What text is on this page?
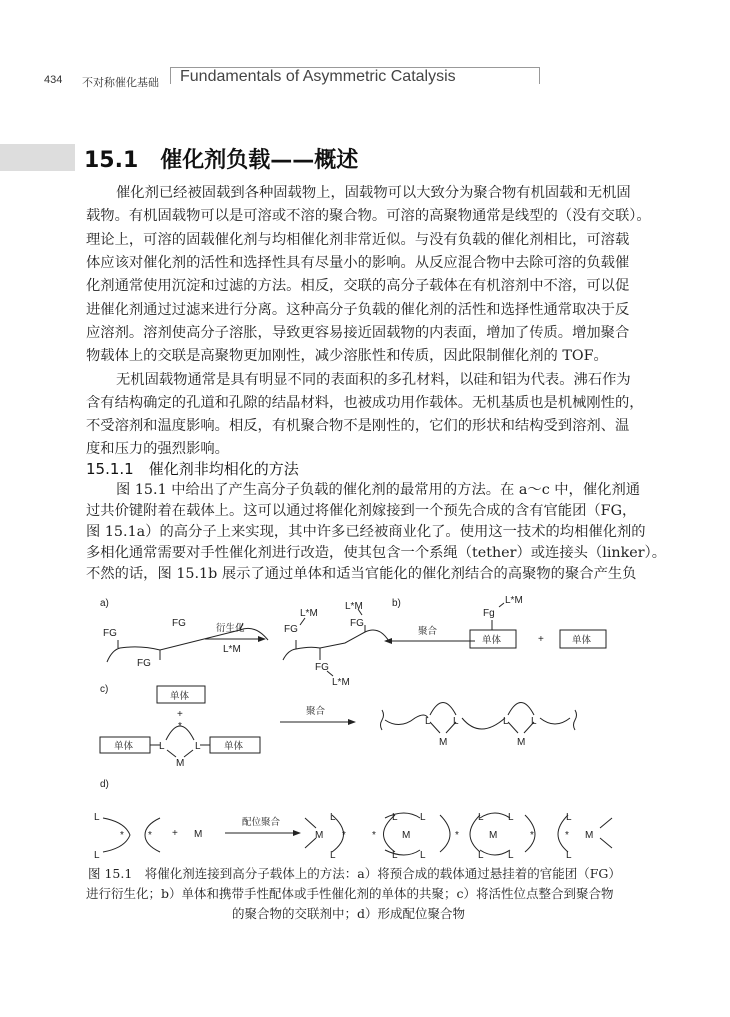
434 不对称催化基础 Fundamentals of Asymmetric Catalysis
15.1　催化剂负载——概述
催化剂已经被固载到各种固载物上，固载物可以大致分为聚合物有机固载和无机固
载物。有机固载物可以是可溶或不溶的聚合物。可溶的高聚物通常是线型的（没有交联）。
理论上，可溶的固载催化剂与均相催化剂非常近似。与没有负载的催化剂相比，可溶载
体应该对催化剂的活性和选择性具有尽量小的影响。从反应混合物中去除可溶的负载催
化剂通常使用沉淀和过滤的方法。相反，交联的高分子载体在有机溶剂中不溶，可以促
进催化剂通过过滤来进行分离。这种高分子负载的催化剂的活性和选择性通常取决于反
应溶剂。溶剂使高分子溶胀，导致更容易接近固载物的内表面，增加了传质。增加聚合
物载体上的交联是高聚物更加刚性，减少溶胀性和传质，因此限制催化剂的 TOF。
无机固载物通常是具有明显不同的表面积的多孔材料，以硅和铝为代表。沸石作为
含有结构确定的孔道和孔隙的结晶材料，也被成功用作载体。无机基质也是机械刚性的，
不受溶剂和温度影响。相反，有机聚合物不是刚性的，它们的形状和结构受到溶剂、温
度和压力的强烈影响。
15.1.1　催化剂非均相化的方法
图 15.1 中给出了产生高分子负载的催化剂的最常用的方法。在 a～c 中，催化剂通
过共价键附着在载体上。这可以通过将催化剂嫁接到一个预先合成的含有官能团（FG，
图 15.1a）的高分子上来实现，其中许多已经被商业化了。使用这一技术的均相催化剂的
多相化通常需要对手性催化剂进行改造，使其包含一个系绳（tether）或连接头（linker）。
不然的话，图 15.1b 展示了通过单体和适当官能化的催化剂结合的高聚物的聚合产生负
a)
FG
FG
FG
衍生化
L*M
FG
L*M
FG
L*M
FG
L*M
b)
聚合
Fg
L*M
单体	+	单体
c)
单体
+
单体	单体
L	L
*
M
聚合
L L
M
L L
M
d)
L
L
* * + M
配位聚合
M	M	M	M
*	*	*	*	*
L	L L	L L	L
L	L L	L L	L
图 15.1　将催化剂连接到高分子载体上的方法：a）将预合成的载体通过悬挂着的官能团（FG）
进行衍生化；b）单体和携带手性配体或手性催化剂的单体的共聚；c）将活性位点整合到聚合物
的聚合物的交联剂中；d）形成配位聚合物
